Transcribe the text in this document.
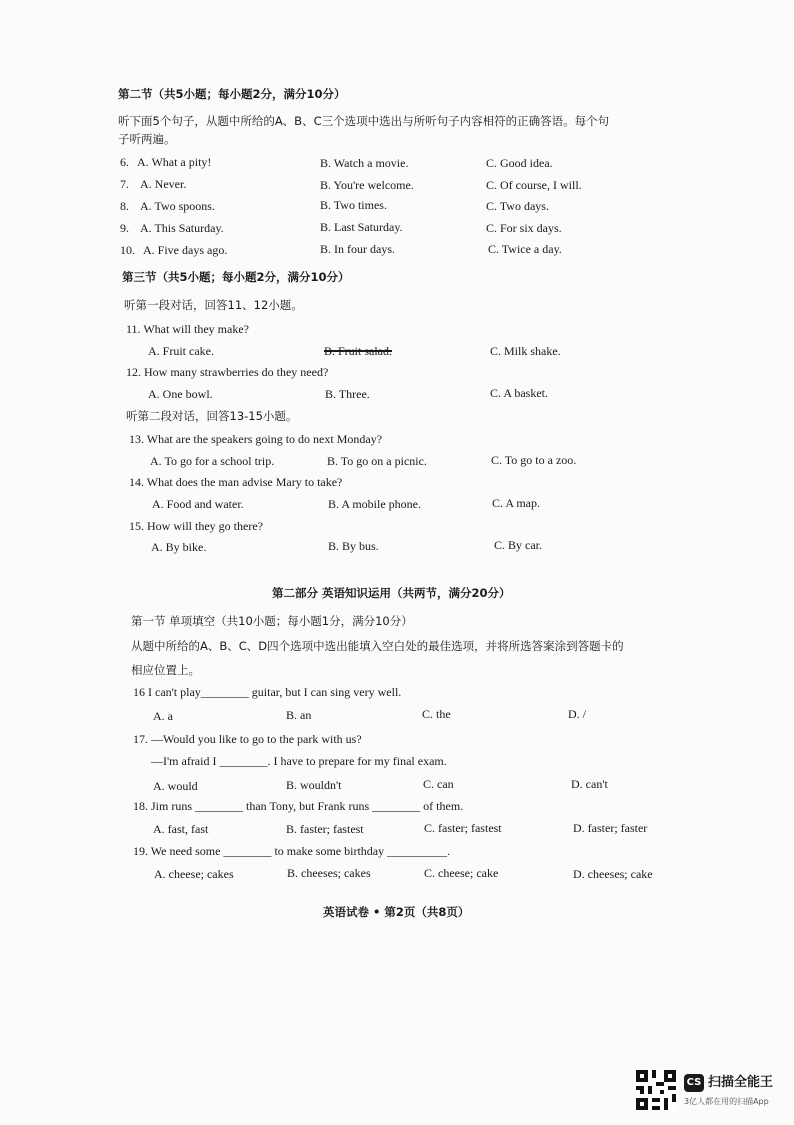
第二节（共5小题；每小题2分，满分10分）
听下面5个句子，从题中所给的A、B、C三个选项中选出与所听句子内容相符的正确答语。每个句
子听两遍。
6. A. What a pity!	B. Watch a movie.	C. Good idea.
7. A. Never.	B. You're welcome.	C. Of course, I will.
8. A. Two spoons.	B. Two times.	C. Two days.
9. A. This Saturday.	B. Last Saturday.	C. For six days.
10. A. Five days ago.	B. In four days.	C. Twice a day.
第三节（共5小题；每小题2分，满分10分）
听第一段对话，回答11、12小题。
11. What will they make?
A. Fruit cake.	B. Fruit salad.	C. Milk shake.
12. How many strawberries do they need?
A. One bowl.	B. Three.	C. A basket.
听第二段对话，回答13-15小题。
13. What are the speakers going to do next Monday?
A. To go for a school trip.	B. To go on a picnic.	C. To go to a zoo.
14. What does the man advise Mary to take?
A. Food and water.	B. A mobile phone.	C. A map.
15. How will they go there?
A. By bike.	B. By bus.	C. By car.
第二部分 英语知识运用（共两节，满分20分）
第一节 单项填空（共10小题；每小题1分，满分10分）
从题中所给的A、B、C、D四个选项中选出能填入空白处的最佳选项，并将所选答案涂到答题卡的
相应位置上。
16 I can't play________ guitar, but I can sing very well.
A. a	B. an	C. the	D. /
17. —Would you like to go to the park with us?
—I'm afraid I ________. I have to prepare for my final exam.
A. would	B. wouldn't	C. can	D. can't
18. Jim runs ________ than Tony, but Frank runs ________ of them.
A. fast, fast	B. faster; fastest	C. faster; fastest	D. faster; faster
19. We need some ________ to make some birthday __________.
A. cheese; cakes	B. cheeses; cakes	C. cheese; cake	D. cheeses; cake
英语试卷 • 第2页（共8页）
CS 扫描全能王
3亿人都在用的扫描App
